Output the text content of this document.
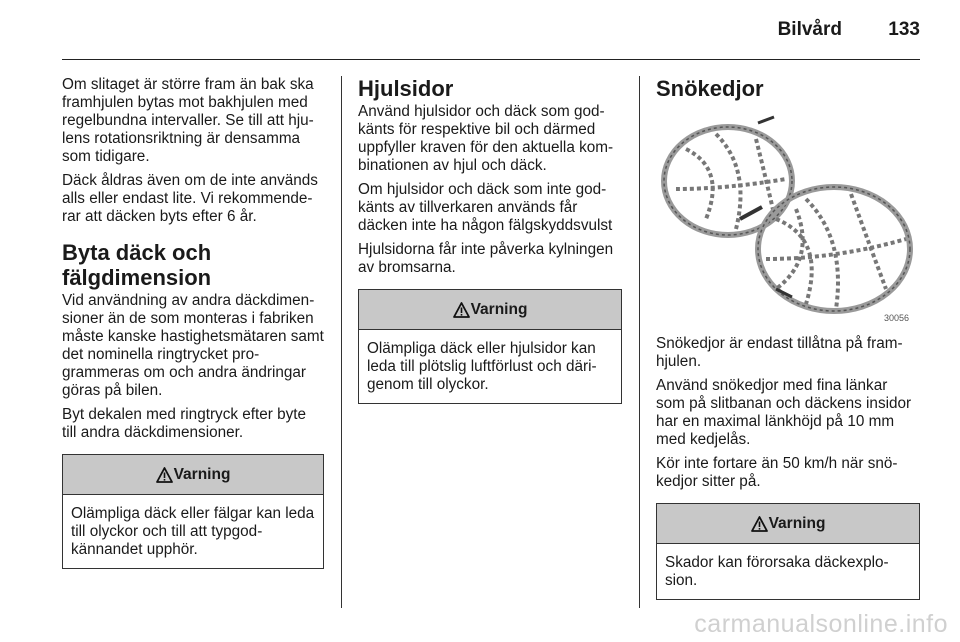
Bilvård 133

Om slitaget är större fram än bak ska framhjulen bytas mot bakhjulen med regelbundna intervaller. Se till att hju-lens rotationsriktning är densamma som tidigare.

Däck åldras även om de inte används alls eller endast lite. Vi rekommende-rar att däcken byts efter 6 år.

Byta däck och fälgdimension

Vid användning av andra däckdimen-sioner än de som monteras i fabriken måste kanske hastighetsmätaren samt det nominella ringtrycket pro-grammeras om och andra ändringar göras på bilen.

Byt dekalen med ringtryck efter byte till andra däckdimensioner.

Varning

Olämpliga däck eller fälgar kan leda till olyckor och till att typgod-kännandet upphör.

Hjulsidor

Använd hjulsidor och däck som god-känts för respektive bil och därmed uppfyller kraven för den aktuella kom-binationen av hjul och däck.

Om hjulsidor och däck som inte god-känts av tillverkaren används får däcken inte ha någon fälgskyddsvulst

Hjulsidorna får inte påverka kylningen av bromsarna.

Varning

Olämpliga däck eller hjulsidor kan leda till plötslig luftförlust och däri-genom till olyckor.

Snökedjor
30056

Snökedjor är endast tillåtna på fram-hjulen.

Använd snökedjor med fina länkar som på slitbanan och däckens insidor har en maximal länkhöjd på 10 mm med kedjelås.

Kör inte fortare än 50 km/h när snö-kedjor sitter på.

Varning

Skador kan förorsaka däckexplo-sion.

carmanualsonline.info
